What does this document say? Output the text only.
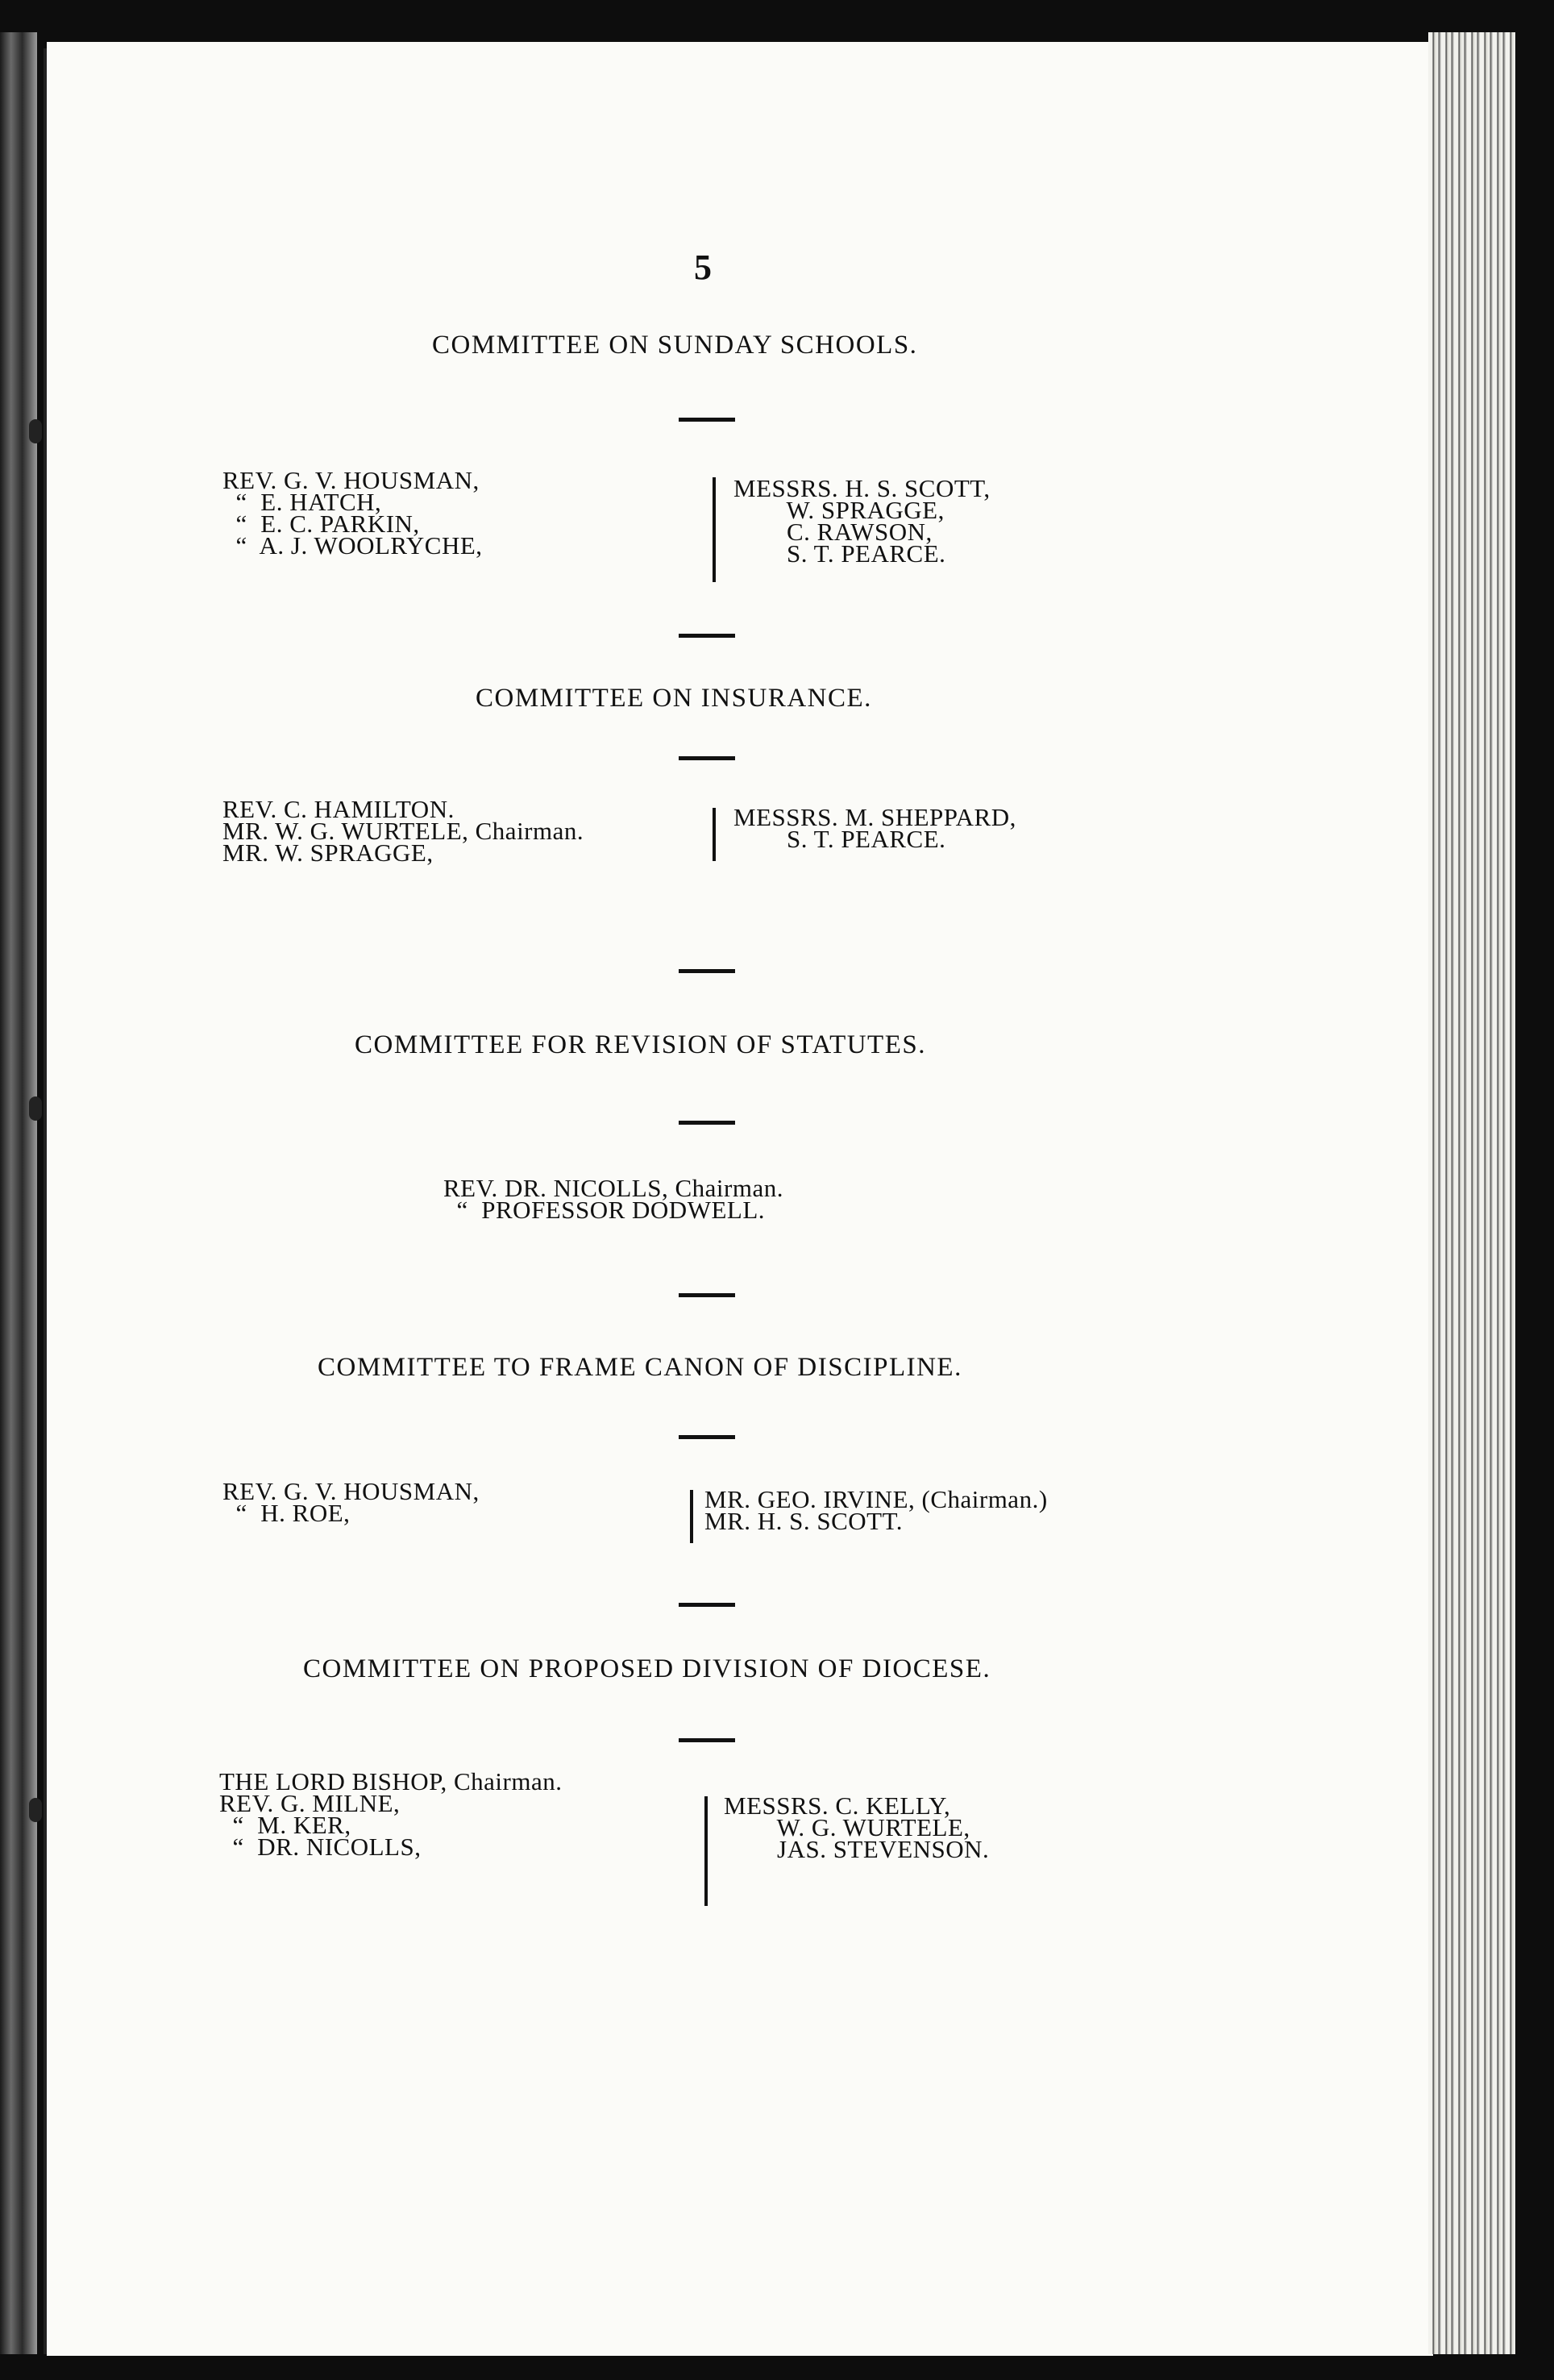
5
COMMITTEE ON SUNDAY SCHOOLS.
REV. G. V. HOUSMAN,
“  E. HATCH,
“  E. C. PARKIN,
“  A. J. WOOLRYCHE,
MESSRS. H. S. SCOTT,
W. SPRAGGE,
C. RAWSON,
S. T. PEARCE.
COMMITTEE ON INSURANCE.
REV. C. HAMILTON.
MR. W. G. WURTELE, Chairman.
MR. W. SPRAGGE,
MESSRS. M. SHEPPARD,
S. T. PEARCE.
COMMITTEE FOR REVISION OF STATUTES.
REV. DR. NICOLLS, Chairman.
“  PROFESSOR DODWELL.
COMMITTEE TO FRAME CANON OF DISCIPLINE.
REV. G. V. HOUSMAN,
“  H. ROE,	MR. GEO. IRVINE, (Chairman.)
MR. H. S. SCOTT.
COMMITTEE ON PROPOSED DIVISION OF DIOCESE.
THE LORD BISHOP, Chairman.
REV. G. MILNE,
“  M. KER,
“  DR. NICOLLS,
MESSRS. C. KELLY,
W. G. WURTELE,
JAS. STEVENSON.
